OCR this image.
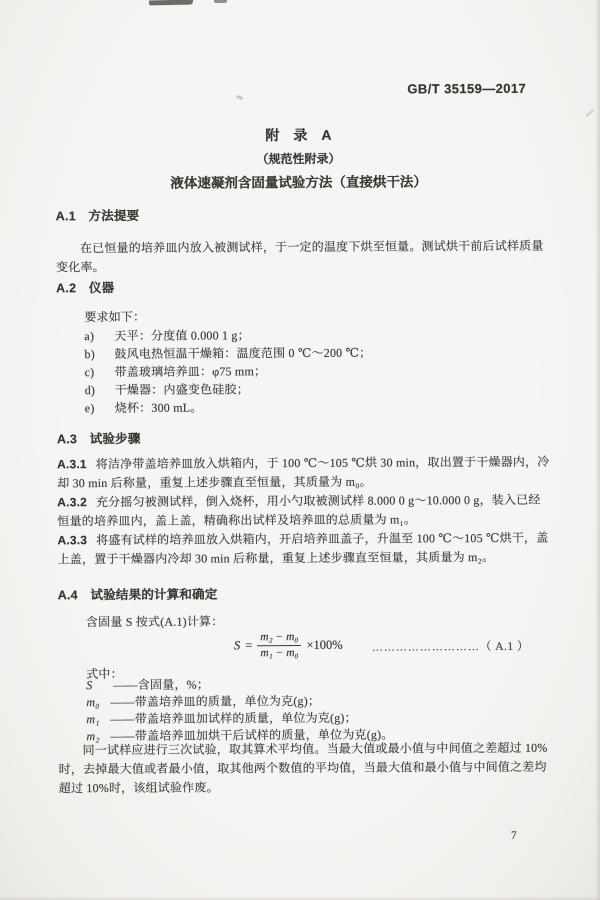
GB/T 35159—2017
附　录　A
（规范性附录）
液体速凝剂含固量试验方法（直接烘干法）
A.1　方法提要

在已恒量的培养皿内放入被测试样，于一定的温度下烘至恒量。测试烘干前后试样质量变化率。

A.2　仪器

要求如下：

a) 天平：分度值 0.000 1 g；
b) 鼓风电热恒温干燥箱：温度范围 0 ℃～200 ℃；
c) 带盖玻璃培养皿：φ75 mm；
d) 干燥器：内盛变色硅胶；
e) 烧杯：300 mL。
A.3　试验步骤

A.3.1 将洁净带盖培养皿放入烘箱内，于 100 ℃～105 ℃烘 30 min，取出置于干燥器内，冷却 30 min 后称量，重复上述步骤直至恒量，其质量为 m₀。

A.3.2 充分摇匀被测试样，倒入烧杯，用小勺取被测试样 8.000 0 g～10.000 0 g，装入已经恒量的培养皿内，盖上盖，精确称出试样及培养皿的总质量为 m₁。

A.3.3 将盛有试样的培养皿放入烘箱内，开启培养皿盖子，升温至 100 ℃～105 ℃烘干，盖上盖，置于干燥器内冷却 30 min 后称量，重复上述步骤直至恒量，其质量为 m₂。

A.4　试验结果的计算和确定

含固量 S 按式(A.1)计算：

$S = \frac{\text{m₂ − m₀}}{\text{m₁ − m₀}} \times 100\%$	………………………（ A.1 ）

式中：

S ——含固量，%；
m₀ ——带盖培养皿的质量，单位为克(g)；
m₁ ——带盖培养皿加试样的质量，单位为克(g)；
m₂ ——带盖培养皿加烘干后试样的质量，单位为克(g)。

同一试样应进行三次试验，取其算术平均值。当最大值或最小值与中间值之差超过 10%时，去掉最大值或者最小值，取其他两个数值的平均值，当最大值和最小值与中间值之差均超过 10%时，该组试验作废。

7
